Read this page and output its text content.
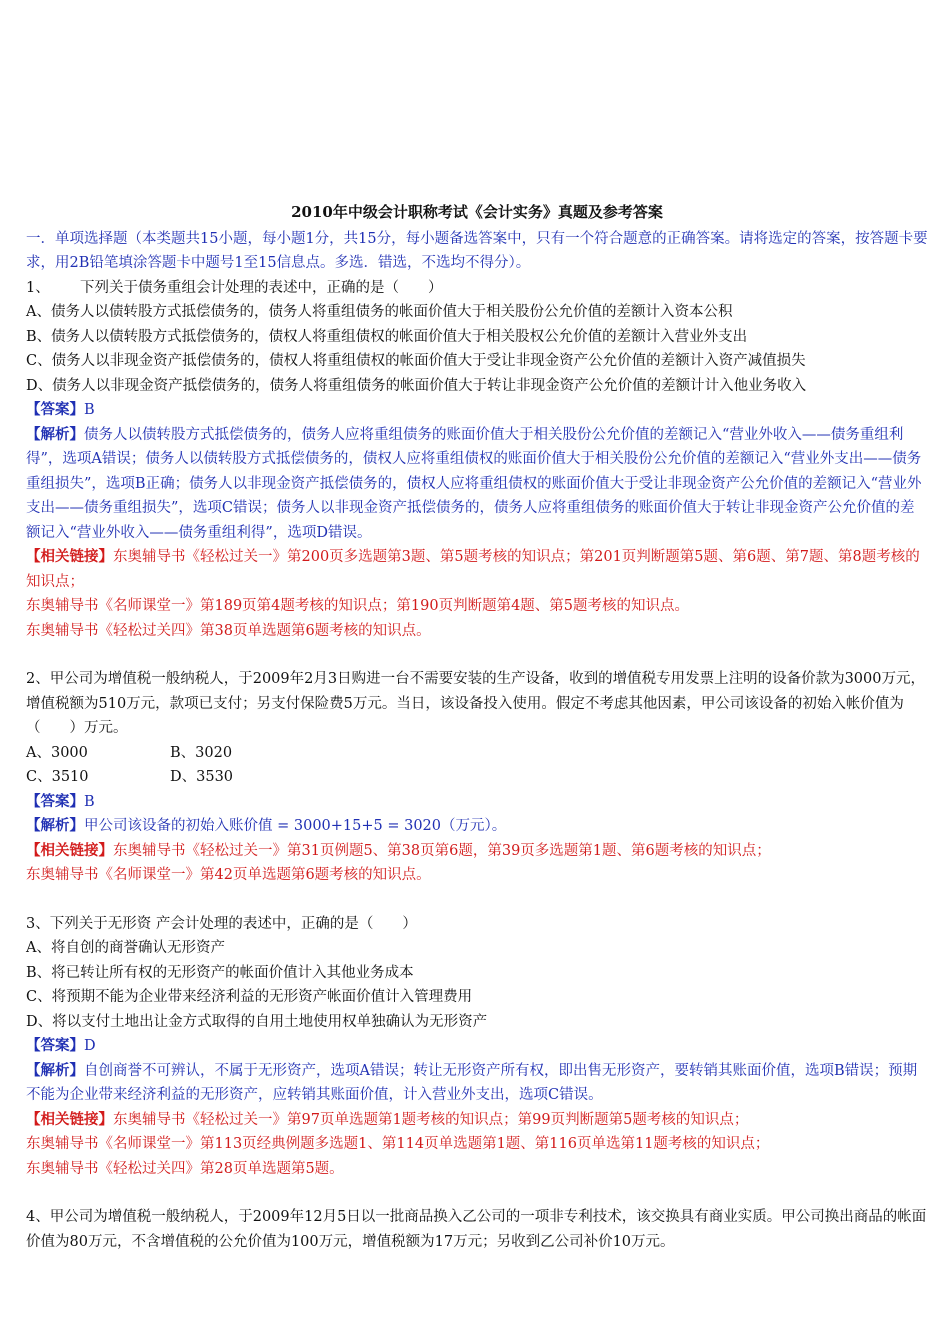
2010年中级会计职称考试《会计实务》真题及参考答案

一．单项选择题（本类题共15小题，每小题1分，共15分，每小题备选答案中，只有一个符合题意的正确答案。请将选定的答案，按答题卡要求，用2B铅笔填涂答题卡中题号1至15信息点。多选．错选，不选均不得分）。

1、 下列关于债务重组会计处理的表述中，正确的是（　　）

A、债务人以债转股方式抵偿债务的，债务人将重组债务的帐面价值大于相关股份公允价值的差额计入资本公积

B、债务人以债转股方式抵偿债务的，债权人将重组债权的帐面价值大于相关股权公允价值的差额计入营业外支出

C、债务人以非现金资产抵偿债务的，债权人将重组债权的帐面价值大于受让非现金资产公允价值的差额计入资产减值损失

D、债务人以非现金资产抵偿债务的，债务人将重组债务的帐面价值大于转让非现金资产公允价值的差额计计入他业务收入

【答案】B

【解析】债务人以债转股方式抵偿债务的，债务人应将重组债务的账面价值大于相关股份公允价值的差额记入“营业外收入——债务重组利得”，选项A错误；债务人以债转股方式抵偿债务的，债权人应将重组债权的账面价值大于相关股份公允价值的差额记入“营业外支出——债务重组损失”，选项B正确；债务人以非现金资产抵偿债务的，债权人应将重组债权的账面价值大于受让非现金资产公允价值的差额记入“营业外支出——债务重组损失”，选项C错误；债务人以非现金资产抵偿债务的，债务人应将重组债务的账面价值大于转让非现金资产公允价值的差额记入“营业外收入——债务重组利得”，选项D错误。

【相关链接】东奥辅导书《轻松过关一》第200页多选题第3题、第5题考核的知识点；第201页判断题第5题、第6题、第7题、第8题考核的知识点；

东奥辅导书《名师课堂一》第189页第4题考核的知识点；第190页判断题第4题、第5题考核的知识点。

东奥辅导书《轻松过关四》第38页单选题第6题考核的知识点。

2、甲公司为增值税一般纳税人，于2009年2月3日购进一台不需要安装的生产设备，收到的增值税专用发票上注明的设备价款为3000万元，增值税额为510万元，款项已支付；另支付保险费5万元。当日，该设备投入使用。假定不考虑其他因素，甲公司该设备的初始入帐价值为（　　）万元。

A、3000	B、3020
C、3510	D、3530

【答案】B

【解析】甲公司该设备的初始入账价值 = 3000+15+5 = 3020（万元）。

【相关链接】东奥辅导书《轻松过关一》第31页例题5、第38页第6题，第39页多选题第1题、第6题考核的知识点；

东奥辅导书《名师课堂一》第42页单选题第6题考核的知识点。

3、下列关于无形资 产会计处理的表述中，正确的是（　　）

A、将自创的商誉确认无形资产

B、将已转让所有权的无形资产的帐面价值计入其他业务成本

C、将预期不能为企业带来经济利益的无形资产帐面价值计入管理费用

D、将以支付土地出让金方式取得的自用土地使用权单独确认为无形资产

【答案】D

【解析】自创商誉不可辨认，不属于无形资产，选项A错误；转让无形资产所有权，即出售无形资产，要转销其账面价值，选项B错误；预期不能为企业带来经济利益的无形资产，应转销其账面价值，计入营业外支出，选项C错误。

【相关链接】东奥辅导书《轻松过关一》第97页单选题第1题考核的知识点；第99页判断题第5题考核的知识点；

东奥辅导书《名师课堂一》第113页经典例题多选题1、第114页单选题第1题、第116页单选第11题考核的知识点；

东奥辅导书《轻松过关四》第28页单选题第5题。

4、甲公司为增值税一般纳税人，于2009年12月5日以一批商品换入乙公司的一项非专利技术，该交换具有商业实质。甲公司换出商品的帐面价值为80万元，不含增值税的公允价值为100万元，增值税额为17万元；另收到乙公司补价10万元。
